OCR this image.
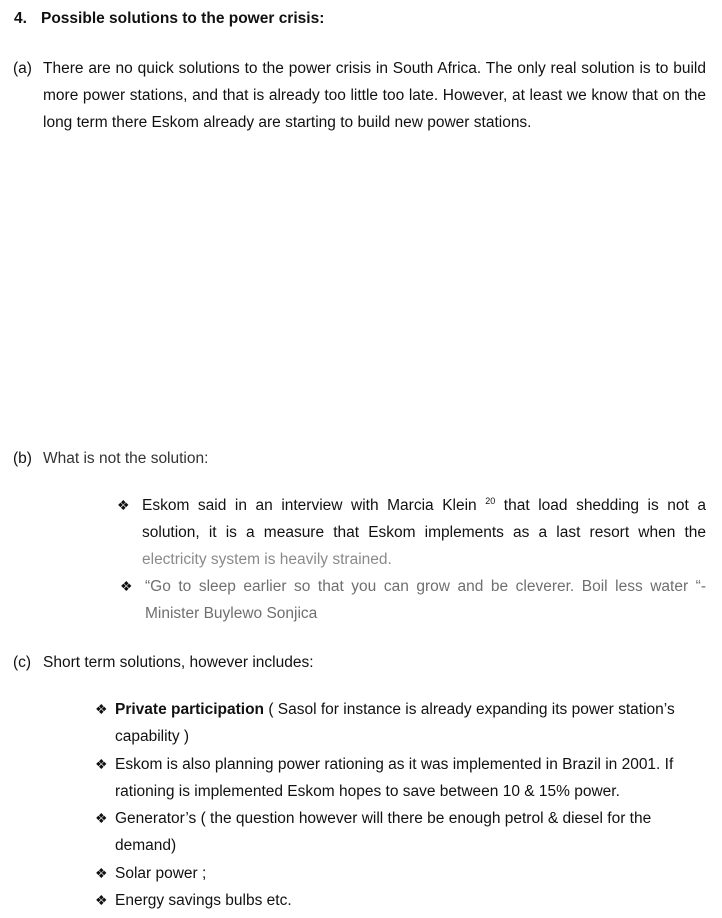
4. Possible solutions to the power crisis:
(a) There are no quick solutions to the power crisis in South Africa. The only real solution is to build more power stations, and that is already too little too late. However, at least we know that on the long term there Eskom already are starting to build new power stations.
(b) What is not the solution:
❖ Eskom said in an interview with Marcia Klein $^{20}$ that load shedding is not a solution, it is a measure that Eskom implements as a last resort when the electricity system is heavily strained.
❖ “Go to sleep earlier so that you can grow and be cleverer. Boil less water “- Minister Buylewo Sonjica
(c) Short term solutions, however includes:
❖ Private participation ( Sasol for instance is already expanding its power station’s capability )
❖ Eskom is also planning power rationing as it was implemented in Brazil in 2001. If rationing is implemented Eskom hopes to save between 10 & 15% power.
❖ Generator’s ( the question however will there be enough petrol & diesel for the demand)
❖ Solar power ;
❖ Energy savings bulbs etc.
